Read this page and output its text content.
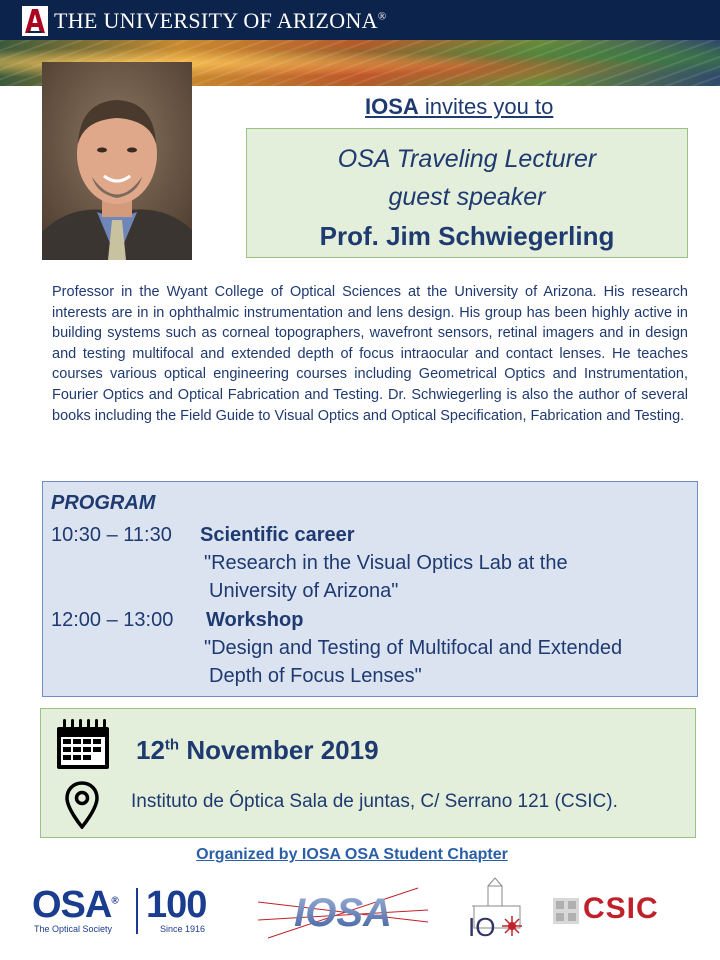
THE UNIVERSITY OF ARIZONA®
IOSA invites you to
OSA Traveling Lecturer
guest speaker
Prof. Jim Schwiegerling
Professor in the Wyant College of Optical Sciences at the University of Arizona. His research interests are in in ophthalmic instrumentation and lens design. His group has been highly active in building systems such as corneal topographers, wavefront sensors, retinal imagers and in design and testing multifocal and extended depth of focus intraocular and contact lenses. He teaches courses various optical engineering courses including Geometrical Optics and Instrumentation, Fourier Optics and Optical Fabrication and Testing. Dr. Schwiegerling is also the author of several books including the Field Guide to Visual Optics and Optical Specification, Fabrication and Testing.
PROGRAM
10:30 – 11:30 Scientific career
"Research in the Visual Optics Lab at the
University of Arizona"
12:00 – 13:00 Workshop
"Design and Testing of Multifocal and Extended
Depth of Focus Lenses"
12th November 2019
Instituto de Óptica Sala de juntas, C/ Serrano 121 (CSIC).
Organized by IOSA OSA Student Chapter
OSA®
The Optical Society
100
Since 1916 IOSA	IO
CSIC
